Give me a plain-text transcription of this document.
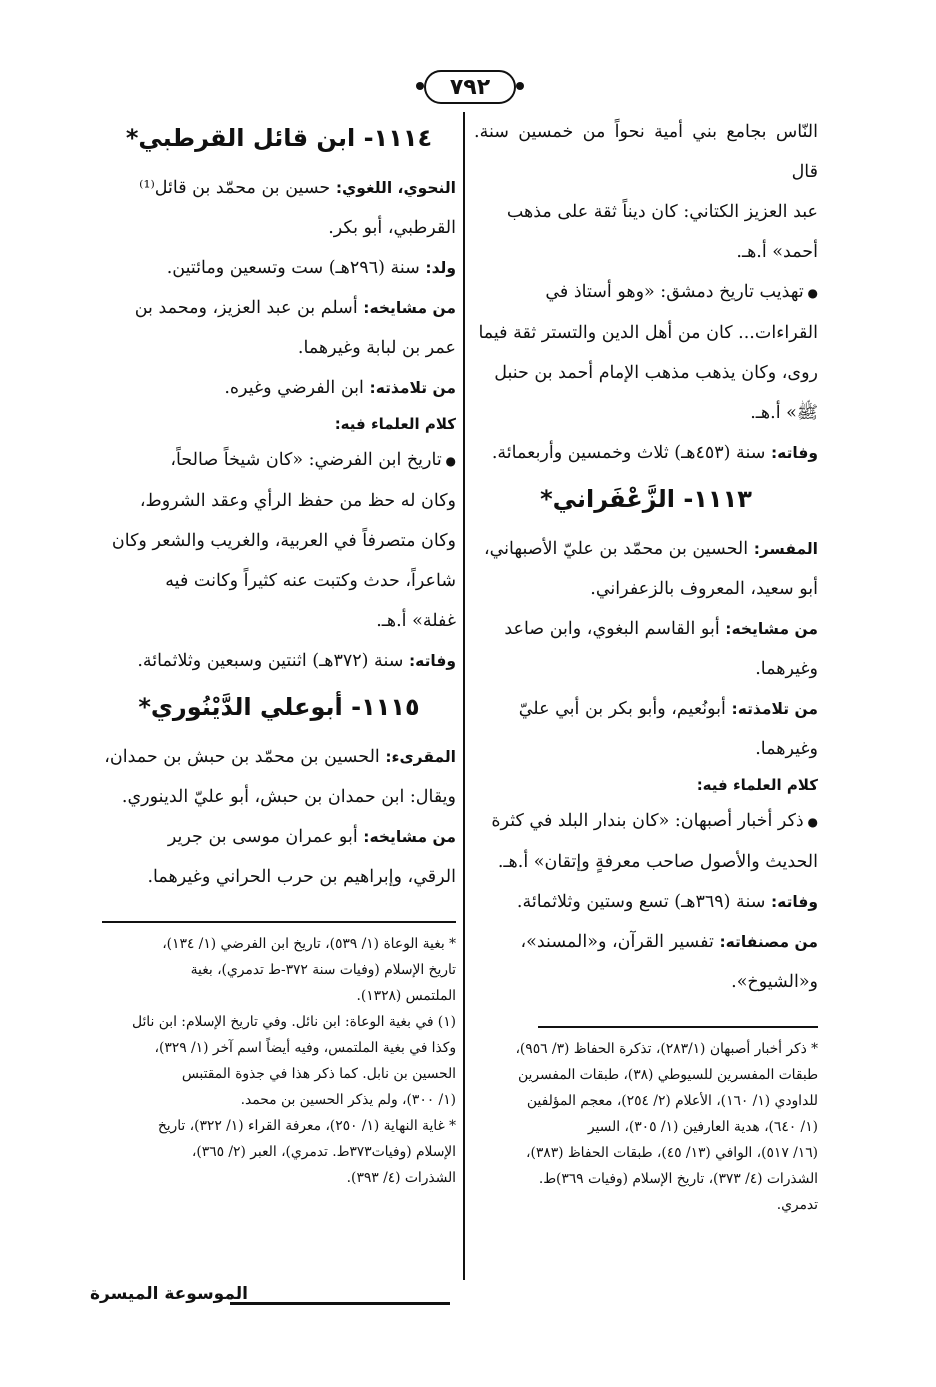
٧٩٢

النّاس بجامع بني أمية نحواً من خمسين سنة. قال

عبد العزيز الكتاني: كان ديناً ثقة على مذهب

أحمد» أ.هـ.

● تهذيب تاريخ دمشق: «وهو أستاذ في

القراءات... كان من أهل الدين والتستر ثقة فيما

روى، وكان يذهب مذهب الإمام أحمد بن حنبل

ﷺ» أ.هـ.

وفاته: سنة (٤٥٣هـ) ثلاث وخمسين وأربعمائة.

١١١٣- الزَّعْفَراني*

المفسر: الحسين بن محمّد بن عليّ الأصبهاني،

أبو سعيد، المعروف بالزعفراني.

من مشايخه: أبو القاسم البغوي، وابن صاعد

وغيرهما.

من تلامذته: أبونُعيم، وأبو بكر بن أبي عليّ

وغيرهما.

كلام العلماء فيه:

● ذكر أخبار أصبهان: «كان بندار البلد في كثرة

الحديث والأصول صاحب معرفةٍ وإتقان» أ.هـ.

وفاته: سنة (٣٦٩هـ) تسع وستين وثلاثمائة.

من مصنفاته: تفسير القرآن، و«المسند»،

و«الشيوخ».

* ذكر أخبار أصبهان (٢٨٣/١)، تذكرة الحفاظ (٣/ ٩٥٦)،

طبقات المفسرين للسيوطي (٣٨)، طبقات المفسرين

للداودي (١/ ١٦٠)، الأعلام (٢/ ٢٥٤)، معجم المؤلفين

(١/ ٦٤٠)، هدية العارفين (١/ ٣٠٥)، السير

(١٦/ ٥١٧)، الوافي (١٣/ ٤٥)، طبقات الحفاظ (٣٨٣)،

الشذرات (٤/ ٣٧٣)، تاريخ الإسلام (وفيات ٣٦٩)ط.

تدمري.

١١١٤- ابن قائل القرطبي*

النحوي، اللغوي: حسين بن محمّد بن قائل⁽¹⁾

القرطبي، أبو بكر.

ولد: سنة (٢٩٦هـ) ست وتسعين ومائتين.

من مشايخه: أسلم بن عبد العزيز، ومحمد بن

عمر بن لبابة وغيرهما.

من تلامذته: ابن الفرضي وغيره.

كلام العلماء فيه:

● تاريخ ابن الفرضي: «كان شيخاً صالحاً،

وكان له حظ من حفظ الرأي وعقد الشروط،

وكان متصرفاً في العربية، والغريب والشعر وكان

شاعراً، حدث وكتبت عنه كثيراً وكانت فيه

غفلة» أ.هـ.

وفاته: سنة (٣٧٢هـ) اثنتين وسبعين وثلاثمائة.

١١١٥- أبوعلي الدَّيْنُوري*

المقرىء: الحسين بن محمّد بن حبش بن حمدان،

ويقال: ابن حمدان بن حبش، أبو عليّ الدينوري.

من مشايخه: أبو عمران موسى بن جرير

الرقي، وإبراهيم بن حرب الحراني وغيرهما.

* بغية الوعاة (١/ ٥٣٩)، تاريخ ابن الفرضي (١/ ١٣٤)،

تاريخ الإسلام (وفيات سنة ٣٧٢-ط تدمري)، بغية

الملتمس (١٣٢٨).

(١) في بغية الوعاة: ابن نائل. وفي تاريخ الإسلام: ابن نائل

وكذا في بغية الملتمس، وفيه أيضاً اسم آخر (١/ ٣٢٩)،

الحسين بن نابل. كما ذكر هذا في جذوة المقتبس

(١/ ٣٠٠)، ولم يذكر الحسين بن محمد.

* غاية النهاية (١/ ٢٥٠)، معرفة القراء (١/ ٣٢٢)، تاريخ

الإسلام (وفيات٣٧٣ط. تدمري)، العبر (٢/ ٣٦٥)،

الشذرات (٤/ ٣٩٣).

الموسوعة الميسرة
